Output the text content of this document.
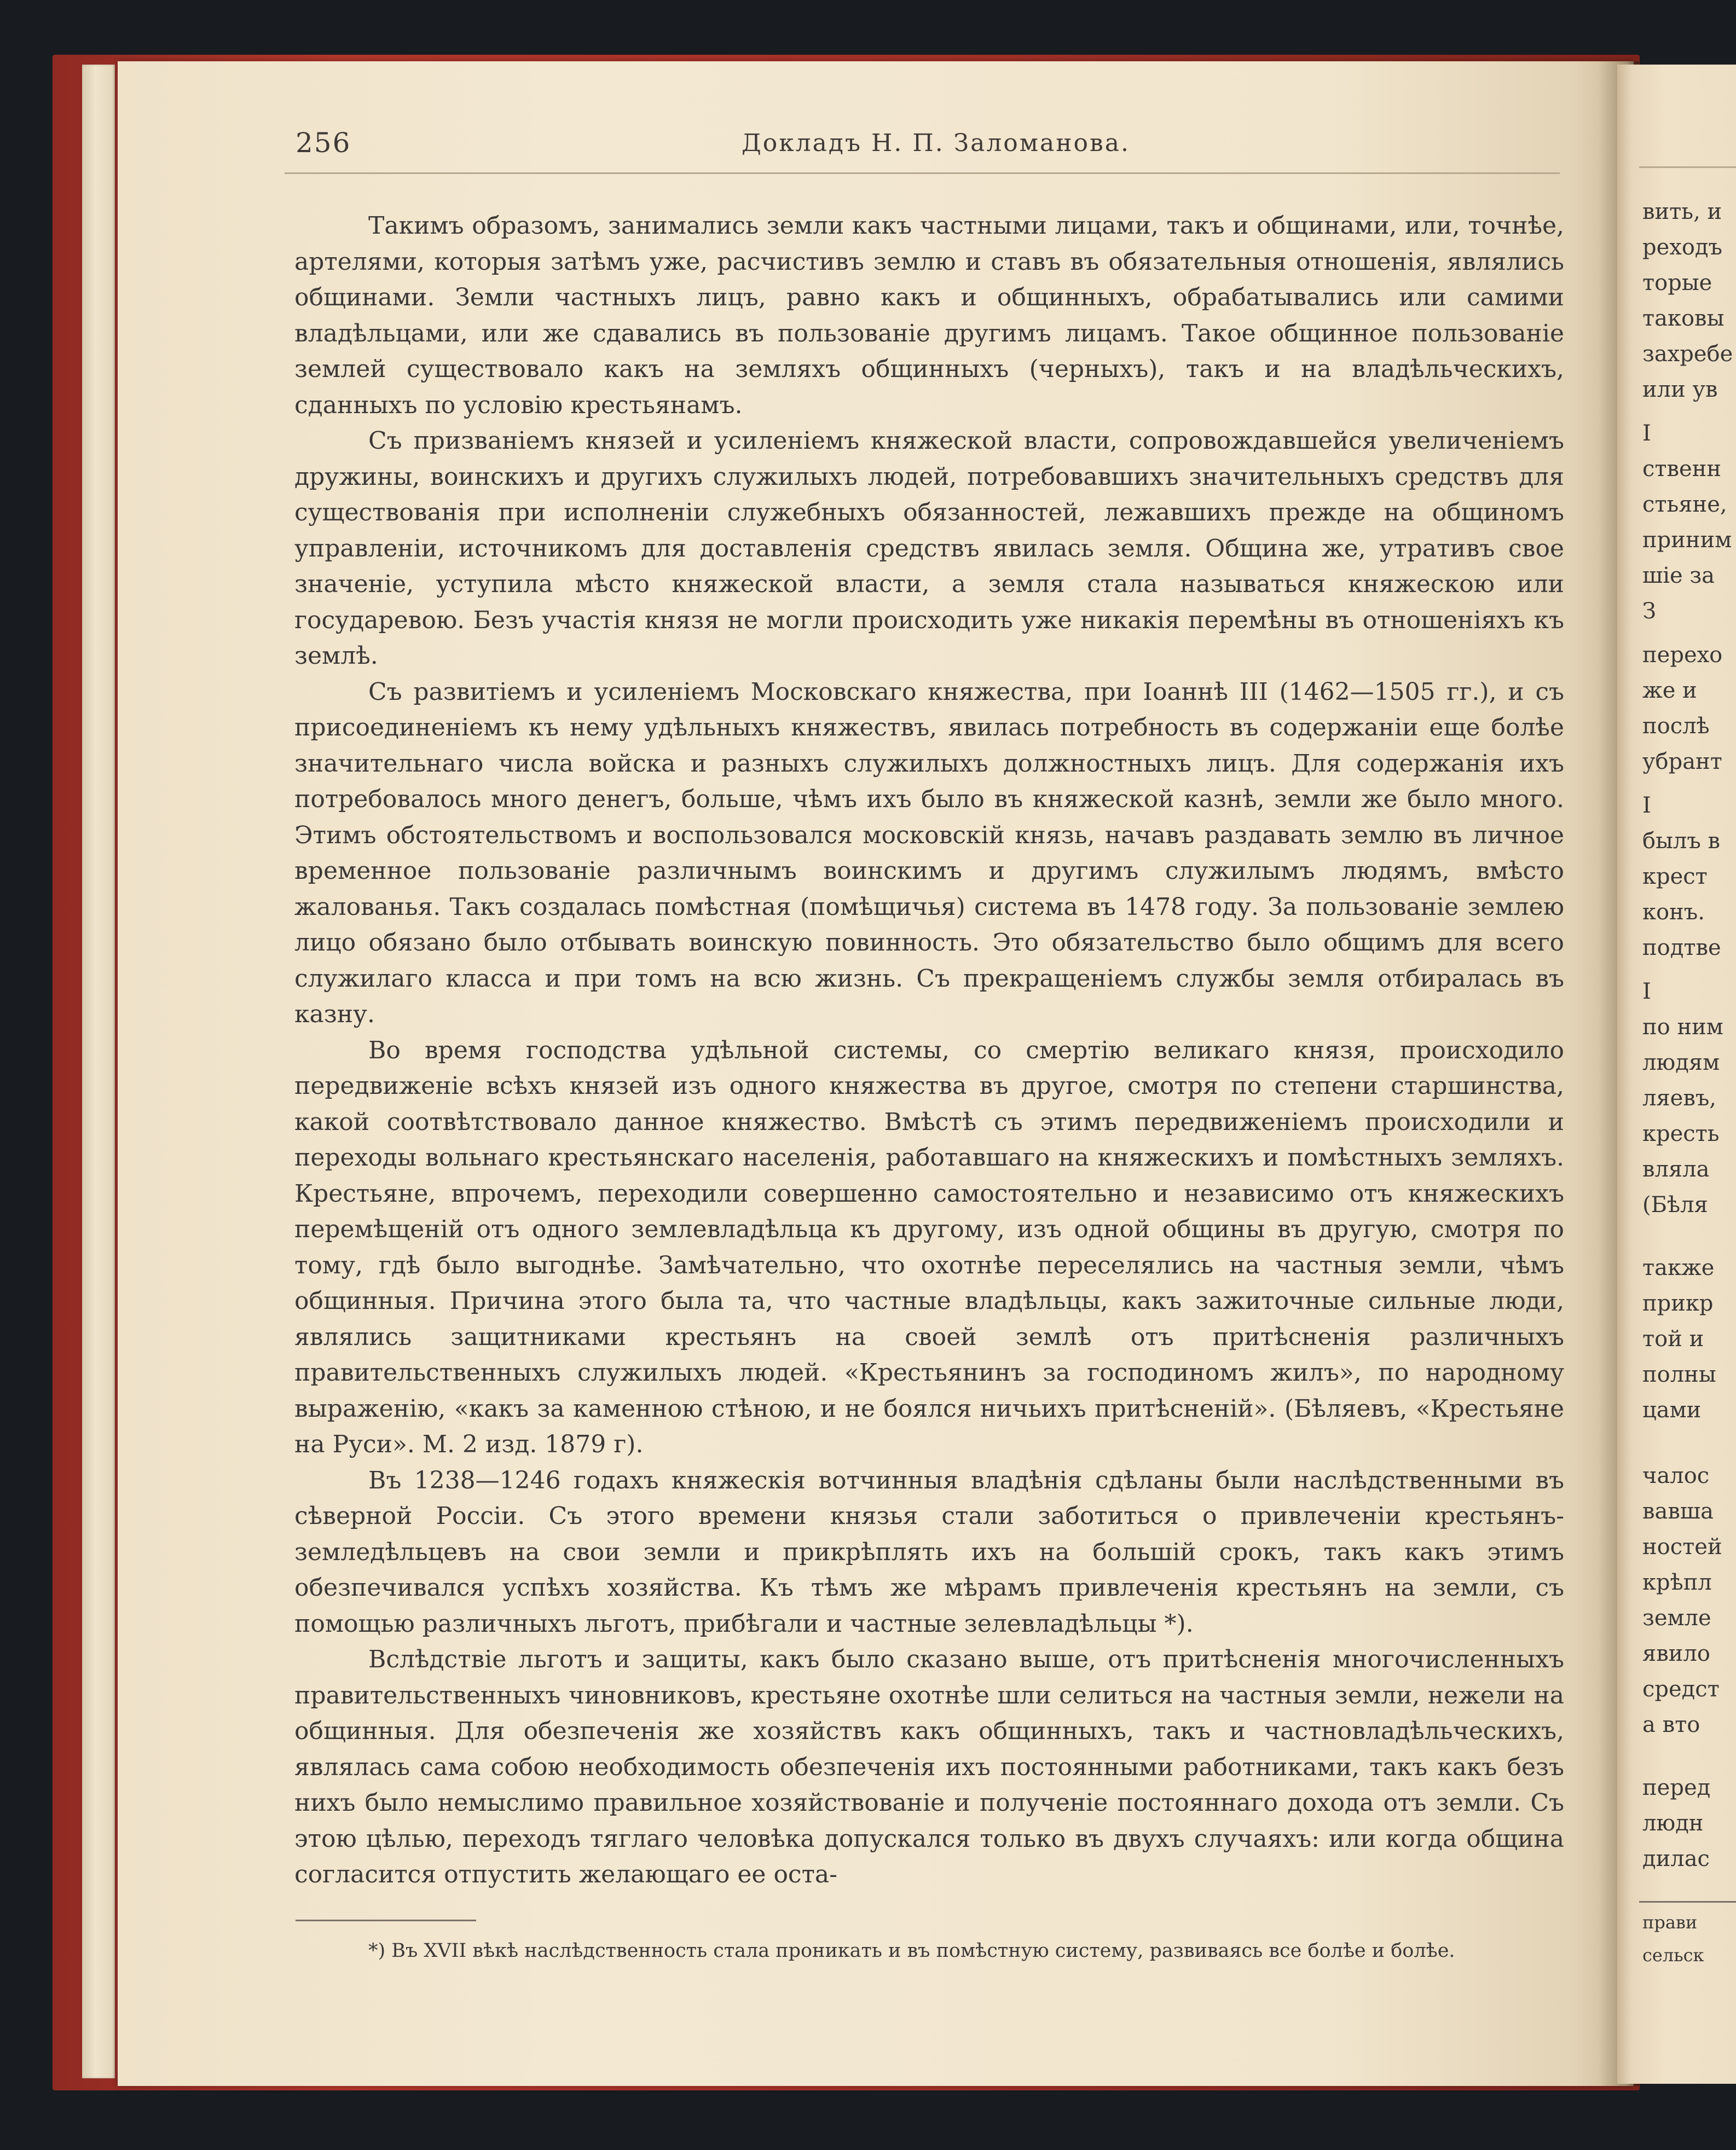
256	Докладъ Н. П. Заломанова.

Такимъ образомъ, занимались земли какъ частными лицами, такъ и общинами, или, точнѣе, артелями, которыя затѣмъ уже, расчистивъ землю и ставъ въ обязательныя отношенія, являлись общинами. Земли частныхъ лицъ, равно какъ и общинныхъ, обрабатывались или самими владѣльцами, или же сдавались въ пользованіе другимъ лицамъ. Такое общинное пользованіе землей существовало какъ на земляхъ общинныхъ (черныхъ), такъ и на владѣльческихъ, сданныхъ по условію крестьянамъ.

Съ призваніемъ князей и усиленіемъ княжеской власти, сопровождавшейся увеличеніемъ дружины, воинскихъ и другихъ служилыхъ людей, потребовавшихъ значительныхъ средствъ для существованія при исполненіи служебныхъ обязанностей, лежавшихъ прежде на общиномъ управленіи, источникомъ для доставленія средствъ явилась земля. Община же, утративъ свое значеніе, уступила мѣсто княжеской власти, а земля стала называться княжескою или государевою. Безъ участія князя не могли происходить уже никакія перемѣны въ отношеніяхъ къ землѣ.

Съ развитіемъ и усиленіемъ Московскаго княжества, при Іоаннѣ III (1462—1505 гг.), и съ присоединеніемъ къ нему удѣльныхъ княжествъ, явилась потребность въ содержаніи еще болѣе значительнаго числа войска и разныхъ служилыхъ должностныхъ лицъ. Для содержанія ихъ потребовалось много денегъ, больше, чѣмъ ихъ было въ княжеской казнѣ, земли же было много. Этимъ обстоятельствомъ и воспользовался московскій князь, начавъ раздавать землю въ личное временное пользованіе различнымъ воинскимъ и другимъ служилымъ людямъ, вмѣсто жалованья. Такъ создалась помѣстная (помѣщичья) система въ 1478 году. За пользованіе землею лицо обязано было отбывать воинскую повинность. Это обязательство было общимъ для всего служилаго класса и при томъ на всю жизнь. Съ прекращеніемъ службы земля отбиралась въ казну.

Во время господства удѣльной системы, со смертію великаго князя, происходило передвиженіе всѣхъ князей изъ одного княжества въ другое, смотря по степени старшинства, какой соотвѣтствовало данное княжество. Вмѣстѣ съ этимъ передвиженіемъ происходили и переходы вольнаго крестьянскаго населенія, работавшаго на княжескихъ и помѣстныхъ земляхъ. Крестьяне, впрочемъ, переходили совершенно самостоятельно и независимо отъ княжескихъ перемѣщеній отъ одного землевладѣльца къ другому, изъ одной общины въ другую, смотря по тому, гдѣ было выгоднѣе. Замѣчательно, что охотнѣе переселялись на частныя земли, чѣмъ общинныя. Причина этого была та, что частные владѣльцы, какъ зажиточные сильные люди, являлись защитниками крестьянъ на своей землѣ отъ притѣсненія различныхъ правительственныхъ служилыхъ людей. «Крестьянинъ за господиномъ жилъ», по народному выраженію, «какъ за каменною стѣною, и не боялся ничьихъ притѣсненій». (Бѣляевъ, «Крестьяне на Руси». М. 2 изд. 1879 г).

Въ 1238—1246 годахъ княжескія вотчинныя владѣнія сдѣланы были наслѣдственными въ сѣверной Россіи. Съ этого времени князья стали заботиться о привлеченіи крестьянъ-земледѣльцевъ на свои земли и прикрѣплять ихъ на большій срокъ, такъ какъ этимъ обезпечивался успѣхъ хозяйства. Къ тѣмъ же мѣрамъ привлеченія крестьянъ на земли, съ помощью различныхъ льготъ, прибѣгали и частные зелевладѣльцы *).

Вслѣдствіе льготъ и защиты, какъ было сказано выше, отъ притѣсненія многочисленныхъ правительственныхъ чиновниковъ, крестьяне охотнѣе шли селиться на частныя земли, нежели на общинныя. Для обезпеченія же хозяйствъ какъ общинныхъ, такъ и частновладѣльческихъ, являлась сама собою необходимость обезпеченія ихъ постоянными работниками, такъ какъ безъ нихъ было немыслимо правильное хозяйствованіе и полученіе постояннаго дохода отъ земли. Съ этою цѣлью, переходъ тяглаго человѣка допускался только въ двухъ случаяхъ: или когда община согласится отпустить желающаго ее оста-

*) Въ XVII вѣкѣ наслѣдственность стала проникать и въ помѣстную систему, развиваясь все болѣе и болѣе.
вить, и
реходъ
торые
таковы
захребе
или ув
I
ственн
стьяне,
приним
шіе за
З
перехо
же и
послѣ
убрант
I
былъ в
крест
конъ.
подтве
I
по ним
людям
ляевъ,
кресть
вляла
(Бѣля
также
прикр
той и
полны
цами
чалос
вавша
ностей
крѣпл
земле
явило
средст
а вто
перед
людн
дилас
прави
сельск
